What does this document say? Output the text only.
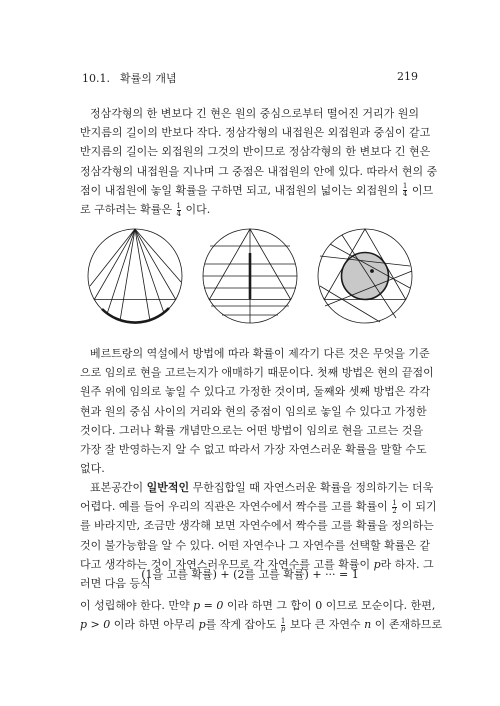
10.1. 확률의 개념	219
정삼각형의 한 변보다 긴 현은 원의 중심으로부터 떨어진 거리가 원의
반지름의 길이의 반보다 작다. 정삼각형의 내접원은 외접원과 중심이 같고
반지름의 길이는 외접원의 그것의 반이므로 정삼각형의 한 변보다 긴 현은
정삼각형의 내접원을 지나며 그 중점은 내접원의 안에 있다. 따라서 현의 중
점이 내접원에 놓일 확률을 구하면 되고, 내접원의 넓이는 외접원의 $\frac{1}{4}$ 이므
로 구하려는 확률은 $\frac{1}{4}$ 이다.
베르트랑의 역설에서 방법에 따라 확률이 제각기 다른 것은 무엇을 기준
으로 임의로 현을 고르는지가 애매하기 때문이다. 첫째 방법은 현의 끝점이
원주 위에 임의로 놓일 수 있다고 가정한 것이며, 둘째와 셋째 방법은 각각
현과 원의 중심 사이의 거리와 현의 중점이 임의로 놓일 수 있다고 가정한
것이다. 그러나 확률 개념만으로는 어떤 방법이 임의로 현을 고르는 것을
가장 잘 반영하는지 알 수 없고 따라서 가장 자연스러운 확률을 말할 수도
없다.
표본공간이 일반적인 무한집합일 때 자연스러운 확률을 정의하기는 더욱
어렵다. 예를 들어 우리의 직관은 자연수에서 짝수를 고를 확률이 $\frac{1}{2}$ 이 되기
를 바라지만, 조금만 생각해 보면 자연수에서 짝수를 고를 확률을 정의하는
것이 불가능함을 알 수 있다. 어떤 자연수나 그 자연수를 선택할 확률은 같
다고 생각하는 것이 자연스러우므로 각 자연수를 고를 확률이 p라 하자. 그
러면 다음 등식
(1을 고를 확률) + (2를 고를 확률) + ··· = 1
이 성립해야 한다. 만약 p = 0 이라 하면 그 합이 0 이므로 모순이다. 한편,
p > 0 이라 하면 아무리 p를 작게 잡아도 $\frac{1}{p}$ 보다 큰 자연수 n 이 존재하므로
